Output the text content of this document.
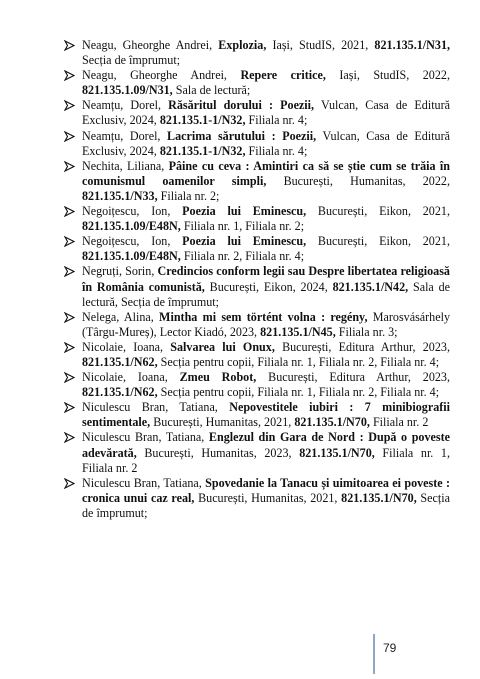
Neagu, Gheorghe Andrei, Explozia, Iași, StudIS, 2021, 821.135.1/N31, Secția de împrumut;
Neagu, Gheorghe Andrei, Repere critice, Iași, StudIS, 2022, 821.135.1.09/N31, Sala de lectură;
Neamțu, Dorel, Răsăritul dorului : Poezii, Vulcan, Casa de Editură Exclusiv, 2024, 821.135.1-1/N32, Filiala nr. 4;
Neamțu, Dorel, Lacrima sărutului : Poezii, Vulcan, Casa de Editură Exclusiv, 2024, 821.135.1-1/N32, Filiala nr. 4;
Nechita, Liliana, Pâine cu ceva : Amintiri ca să se știe cum se trăia în comunismul oamenilor simpli, București, Humanitas, 2022, 821.135.1/N33, Filiala nr. 2;
Negoițescu, Ion, Poezia lui Eminescu, București, Eikon, 2021, 821.135.1.09/E48N, Filiala nr. 1, Filiala nr. 2;
Negoițescu, Ion, Poezia lui Eminescu, București, Eikon, 2021, 821.135.1.09/E48N, Filiala nr. 2, Filiala nr. 4;
Negruți, Sorin, Credincios conform legii sau Despre libertatea religioasă în România comunistă, București, Eikon, 2024, 821.135.1/N42, Sala de lectură, Secția de împrumut;
Nelega, Alina, Mintha mi sem történt volna : regény, Marosvásárhely (Târgu-Mureș), Lector Kiadó, 2023, 821.135.1/N45, Filiala nr. 3;
Nicolaie, Ioana, Salvarea lui Onux, București, Editura Arthur, 2023, 821.135.1/N62, Secția pentru copii, Filiala nr. 1, Filiala nr. 2, Filiala nr. 4;
Nicolaie, Ioana, Zmeu Robot, București, Editura Arthur, 2023, 821.135.1/N62, Secția pentru copii, Filiala nr. 1, Filiala nr. 2, Filiala nr. 4;
Niculescu Bran, Tatiana, Nepovestitele iubiri : 7 minibiografii sentimentale, București, Humanitas, 2021, 821.135.1/N70, Filiala nr. 2
Niculescu Bran, Tatiana, Englezul din Gara de Nord : După o poveste adevărată, București, Humanitas, 2023, 821.135.1/N70, Filiala nr. 1, Filiala nr. 2
Niculescu Bran, Tatiana, Spovedanie la Tanacu și uimitoarea ei poveste : cronica unui caz real, București, Humanitas, 2021, 821.135.1/N70, Secția de împrumut;
79
